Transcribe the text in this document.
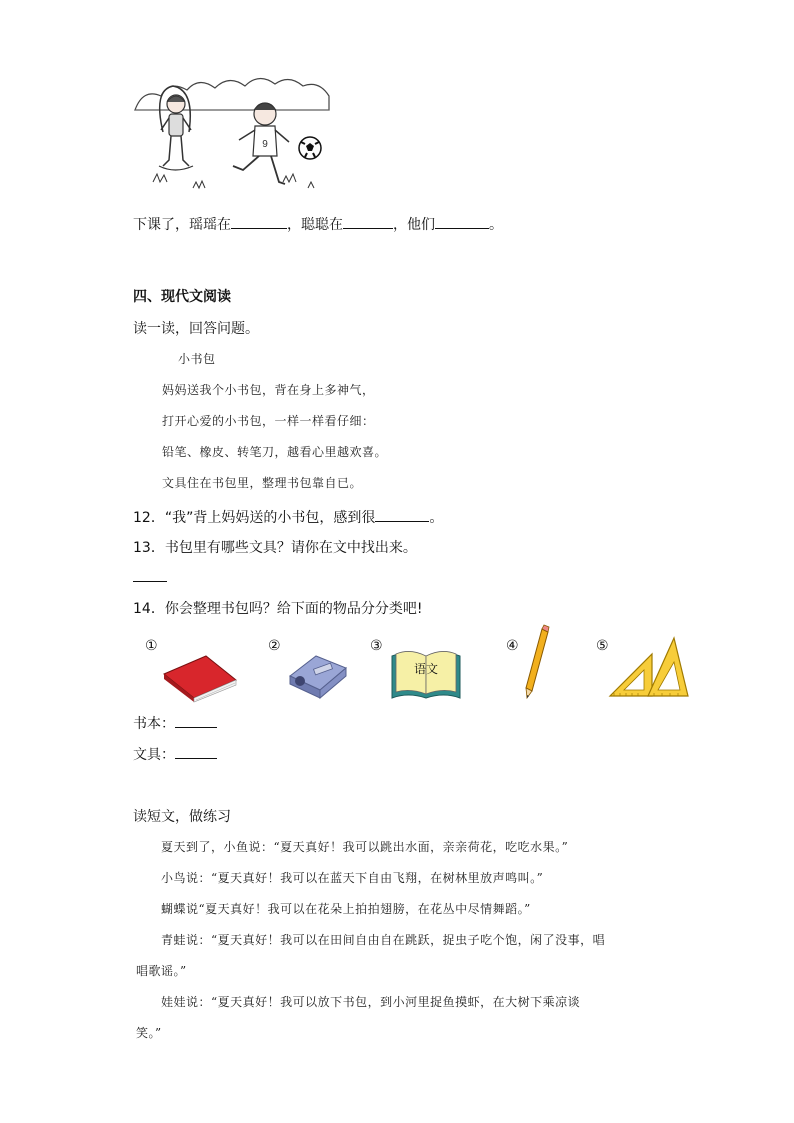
9
下课了，瑶瑶在	，聪聪在	，他们	。
四、现代文阅读
读一读，回答问题。
小书包
妈妈送我个小书包，背在身上多神气，
打开心爱的小书包，一样一样看仔细：
铅笔、橡皮、转笔刀，越看心里越欢喜。
文具住在书包里，整理书包靠自已。
12．“我”背上妈妈送的小书包，感到很	。
13．书包里有哪些文具？请你在文中找出来。
14．你会整理书包吗？给下面的物品分分类吧!
①	②	③	④	⑤
语文
书本：
文具：
读短文，做练习
夏天到了，小鱼说：“夏天真好！我可以跳出水面，亲亲荷花，吃吃水果。”
小鸟说：“夏天真好！我可以在蓝天下自由飞翔，在树林里放声鸣叫。”
蝴蝶说“夏天真好！我可以在花朵上拍拍翅膀，在花丛中尽情舞蹈。”
青蛙说：“夏天真好！我可以在田间自由自在跳跃，捉虫子吃个饱，闲了没事，唱
唱歌谣。”
娃娃说：“夏天真好！我可以放下书包，到小河里捉鱼摸虾，在大树下乘凉谈
笑。”
